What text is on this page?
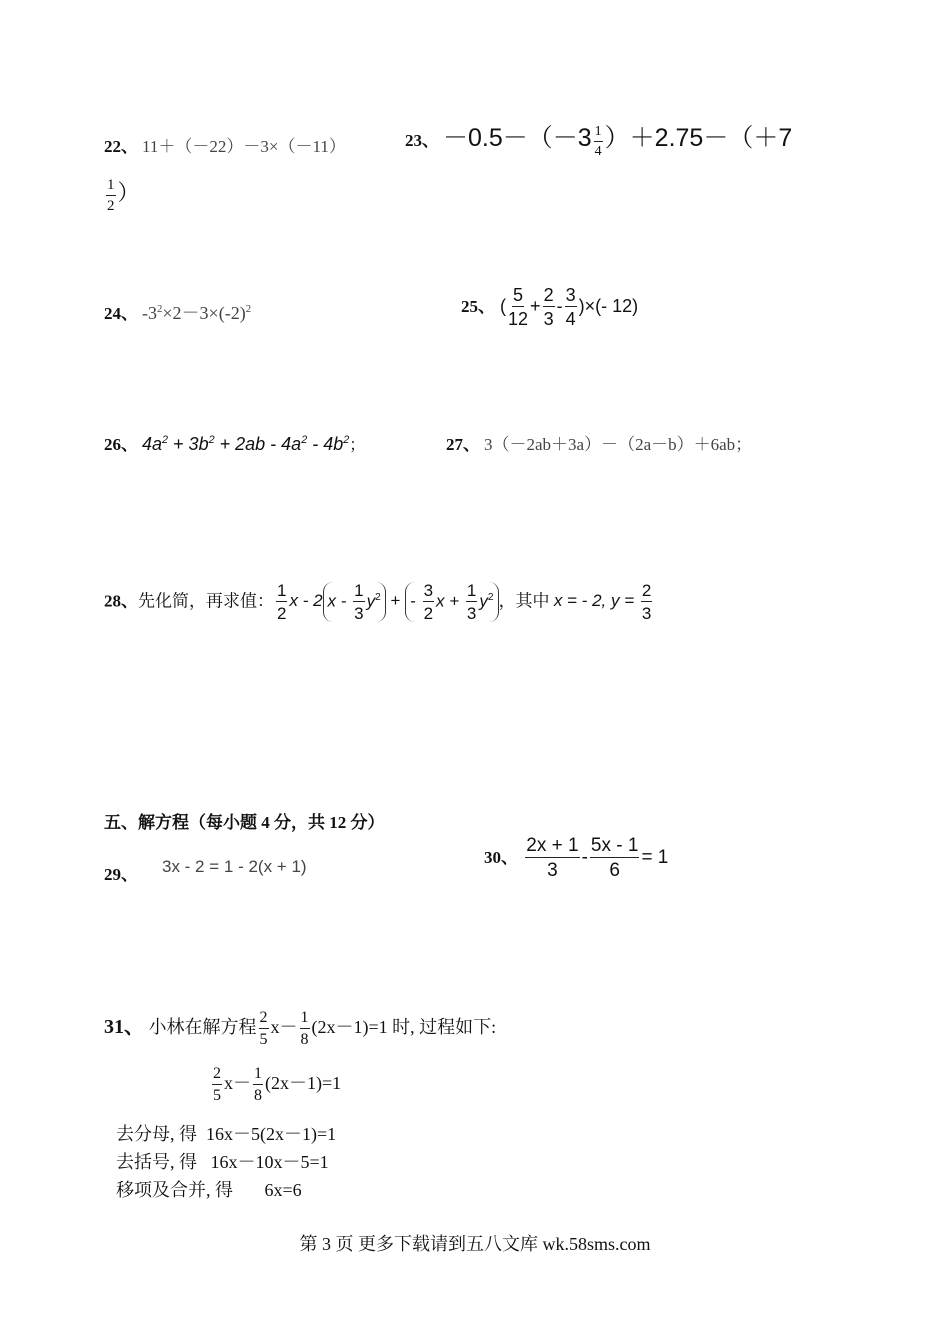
22、 11＋（－22）－3×（－11）	23、 $-0.5-(-3 \frac{1}{4} )+2.75-(+7$
$\frac{1}{2}$ ）
24、 $-3^2\times 2-3\times(-2)^2$	25、 ( $\frac{5}{12} + \frac{2}{3} - \frac{3}{4}$ )×(- 12)
26、 $4a^2 + 3b^2 + 2ab - 4a^2 - 4b^2$；	27、 3（－2ab＋3a）－（2a－b）＋6ab；
28、先化简，再求值： $\frac{1}{2}$ x - 2 x - $\frac{1}{3} y^2$ + - $\frac{3}{2}$ $x + \frac{1}{3} y^2$ ，其中 x = - 2, $y = \frac{2}{3}$
五、解方程（每小题 4 分，共 12 分）
29、 3x - 2 = 1 - 2(x + 1)	30、 $\frac{2x + 1}{3} - \frac{5x - 1}{6} = 1$
31、 小林在解方程 $\frac{2}{5} x- \frac{1}{8} (2x-1)=1$ 时, 过程如下:
$\frac{2}{5} x- \frac{1}{8} (2x-1)=1$
去分母, 得 16x－5(2x－1)=1
去括号, 得 16x－10x－5=1
移项及合并, 得 6x=6
第 3 页 更多下载请到五八文库 wk.58sms.com
